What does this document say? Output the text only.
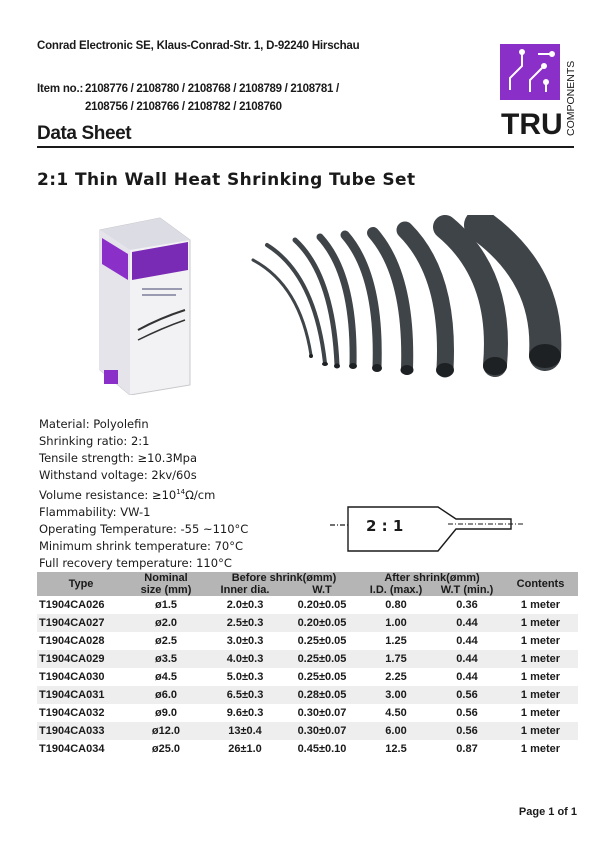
Conrad Electronic SE, Klaus-Conrad-Str. 1, D-92240 Hirschau
Item no.: 2108776 / 2108780 / 2108768 / 2108789 / 2108781 /
2108756 / 2108766 / 2108782 / 2108760
Data Sheet	TRU COMPONENTS
2:1 Thin Wall Heat Shrinking Tube Set
Material: Polyolefin
Shrinking ratio: 2:1
Tensile strength: ≥10.3Mpa
Withstand voltage: 2kv/60s
Volume resistance: $\ge 10^{14}\Omega/cm$
Flammability: VW-1
Operating Temperature: -55 ~110°C
Minimum shrink temperature: 70°C
Full recovery temperature: 110°C
2 : 1
Type	Nominal	Before shrink(ømm)		After shrink(ømm)		Contents
	size (mm)	Inner dia.	W.T	I.D. (max.)	W.T (min.)	
T1904CA026	ø1.5	2.0±0.3	0.20±0.05	0.80	0.36	1 meter
T1904CA027	ø2.0	2.5±0.3	0.20±0.05	1.00	0.44	1 meter
T1904CA028	ø2.5	3.0±0.3	0.25±0.05	1.25	0.44	1 meter
T1904CA029	ø3.5	4.0±0.3	0.25±0.05	1.75	0.44	1 meter
T1904CA030	ø4.5	5.0±0.3	0.25±0.05	2.25	0.44	1 meter
T1904CA031	ø6.0	6.5±0.3	0.28±0.05	3.00	0.56	1 meter
T1904CA032	ø9.0	9.6±0.3	0.30±0.07	4.50	0.56	1 meter
T1904CA033	ø12.0	13±0.4	0.30±0.07	6.00	0.56	1 meter
T1904CA034	ø25.0	26±1.0	0.45±0.10	12.5	0.87	1 meter
Page 1 of 1
